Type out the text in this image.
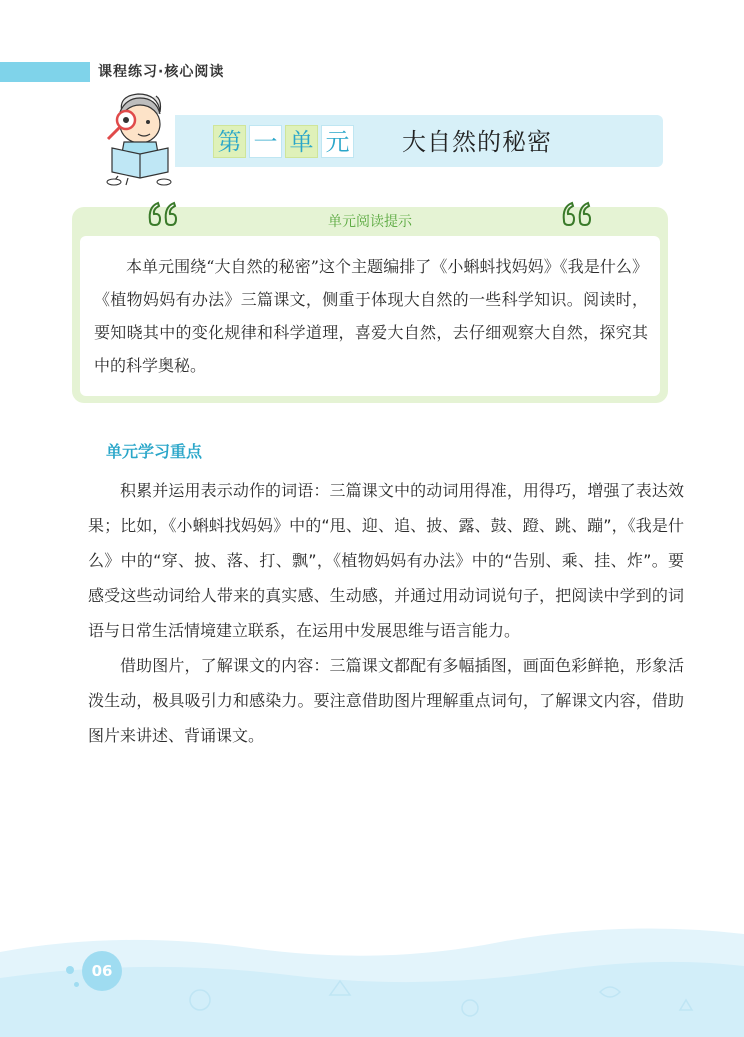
课程练习·核心阅读
第 一 单 元 大自然的秘密
单元阅读提示

本单元围绕“大自然的秘密”这个主题编排了《小蝌蚪找妈妈》《我是什么》《植物妈妈有办法》三篇课文，侧重于体现大自然的一些科学知识。阅读时，要知晓其中的变化规律和科学道理，喜爱大自然，去仔细观察大自然，探究其中的科学奥秘。

单元学习重点

积累并运用表示动作的词语：三篇课文中的动词用得准，用得巧，增强了表达效果；比如，《小蝌蚪找妈妈》中的“甩、迎、追、披、露、鼓、蹬、跳、蹦”，《我是什么》中的“穿、披、落、打、飘”，《植物妈妈有办法》中的“告别、乘、挂、炸”。要感受这些动词给人带来的真实感、生动感，并通过用动词说句子，把阅读中学到的词语与日常生活情境建立联系，在运用中发展思维与语言能力。

借助图片，了解课文的内容：三篇课文都配有多幅插图，画面色彩鲜艳，形象活泼生动，极具吸引力和感染力。要注意借助图片理解重点词句，了解课文内容，借助图片来讲述、背诵课文。

06
